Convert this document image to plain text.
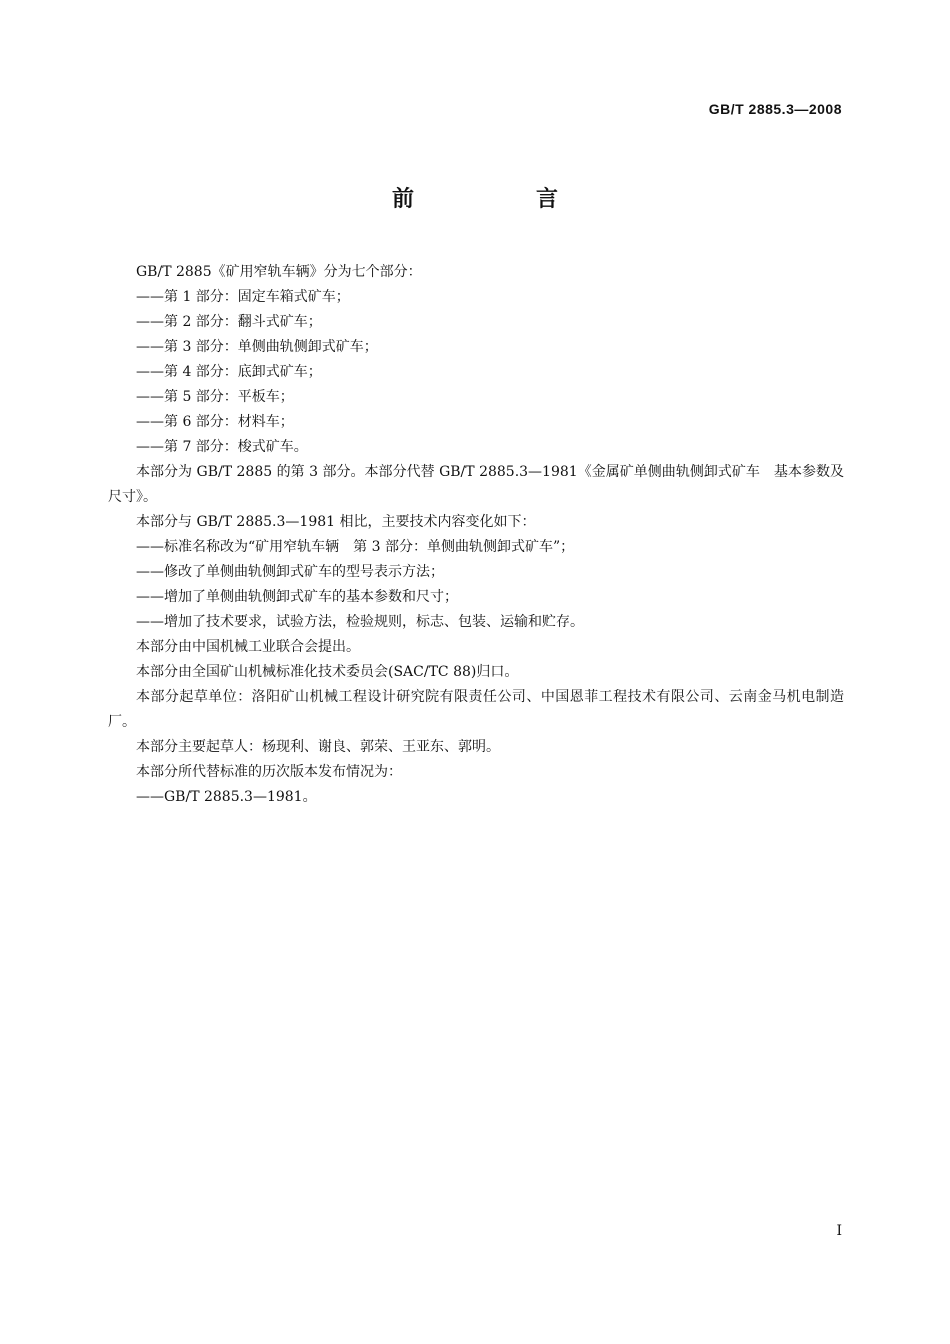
GB/T 2885.3—2008
前　言

GB/T 2885《矿用窄轨车辆》分为七个部分：

——第 1 部分：固定车箱式矿车；

——第 2 部分：翻斗式矿车；

——第 3 部分：单侧曲轨侧卸式矿车；

——第 4 部分：底卸式矿车；

——第 5 部分：平板车；

——第 6 部分：材料车；

——第 7 部分：梭式矿车。

本部分为 GB/T 2885 的第 3 部分。本部分代替 GB/T 2885.3—1981《金属矿单侧曲轨侧卸式矿车　基本参数及尺寸》。

本部分与 GB/T 2885.3—1981 相比，主要技术内容变化如下：

——标准名称改为“矿用窄轨车辆　第 3 部分：单侧曲轨侧卸式矿车”；

——修改了单侧曲轨侧卸式矿车的型号表示方法；

——增加了单侧曲轨侧卸式矿车的基本参数和尺寸；

——增加了技术要求，试验方法，检验规则，标志、包装、运输和贮存。

本部分由中国机械工业联合会提出。

本部分由全国矿山机械标准化技术委员会(SAC/TC 88)归口。

本部分起草单位：洛阳矿山机械工程设计研究院有限责任公司、中国恩菲工程技术有限公司、云南金马机电制造厂。

本部分主要起草人：杨现利、谢良、郭荣、王亚东、郭明。

本部分所代替标准的历次版本发布情况为：

——GB/T 2885.3—1981。

I
